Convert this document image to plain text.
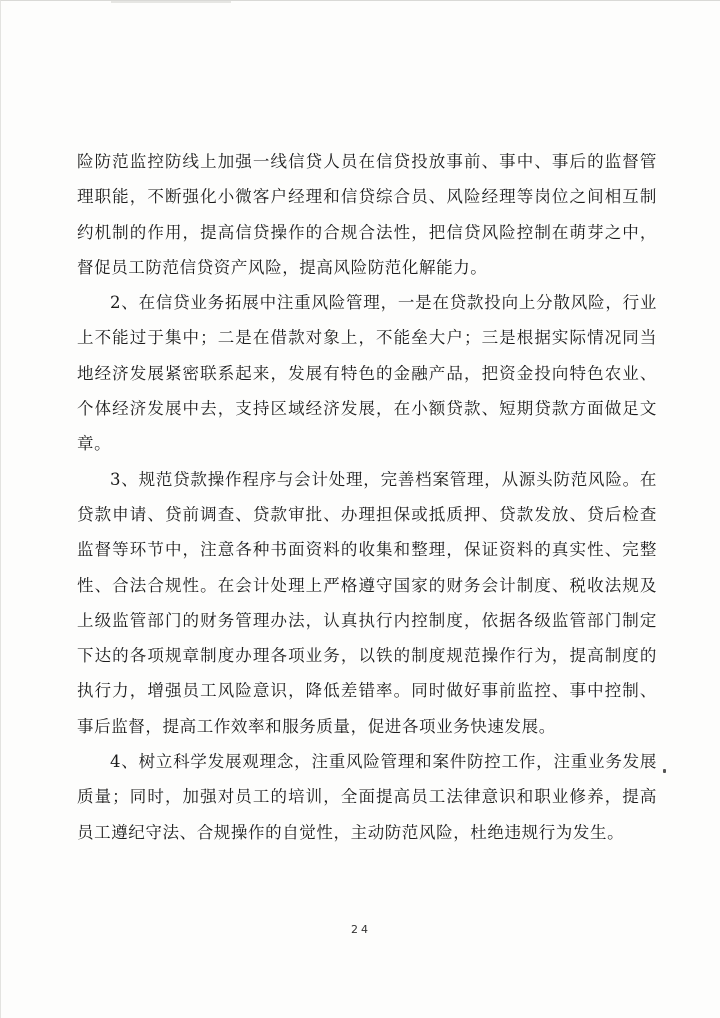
险防范监控防线上加强一线信贷人员在信贷投放事前、事中、事后的监督管理职能，不断强化小微客户经理和信贷综合员、风险经理等岗位之间相互制约机制的作用，提高信贷操作的合规合法性，把信贷风险控制在萌芽之中，督促员工防范信贷资产风险，提高风险防范化解能力。

2、在信贷业务拓展中注重风险管理，一是在贷款投向上分散风险，行业上不能过于集中；二是在借款对象上，不能垒大户；三是根据实际情况同当地经济发展紧密联系起来，发展有特色的金融产品，把资金投向特色农业、个体经济发展中去，支持区域经济发展，在小额贷款、短期贷款方面做足文章。

3、规范贷款操作程序与会计处理，完善档案管理，从源头防范风险。在贷款申请、贷前调查、贷款审批、办理担保或抵质押、贷款发放、贷后检查监督等环节中，注意各种书面资料的收集和整理，保证资料的真实性、完整性、合法合规性。在会计处理上严格遵守国家的财务会计制度、税收法规及上级监管部门的财务管理办法，认真执行内控制度，依据各级监管部门制定下达的各项规章制度办理各项业务，以铁的制度规范操作行为，提高制度的执行力，增强员工风险意识，降低差错率。同时做好事前监控、事中控制、事后监督，提高工作效率和服务质量，促进各项业务快速发展。

4、树立科学发展观理念，注重风险管理和案件防控工作，注重业务发展质量；同时，加强对员工的培训，全面提高员工法律意识和职业修养，提高员工遵纪守法、合规操作的自觉性，主动防范风险，杜绝违规行为发生。

24
